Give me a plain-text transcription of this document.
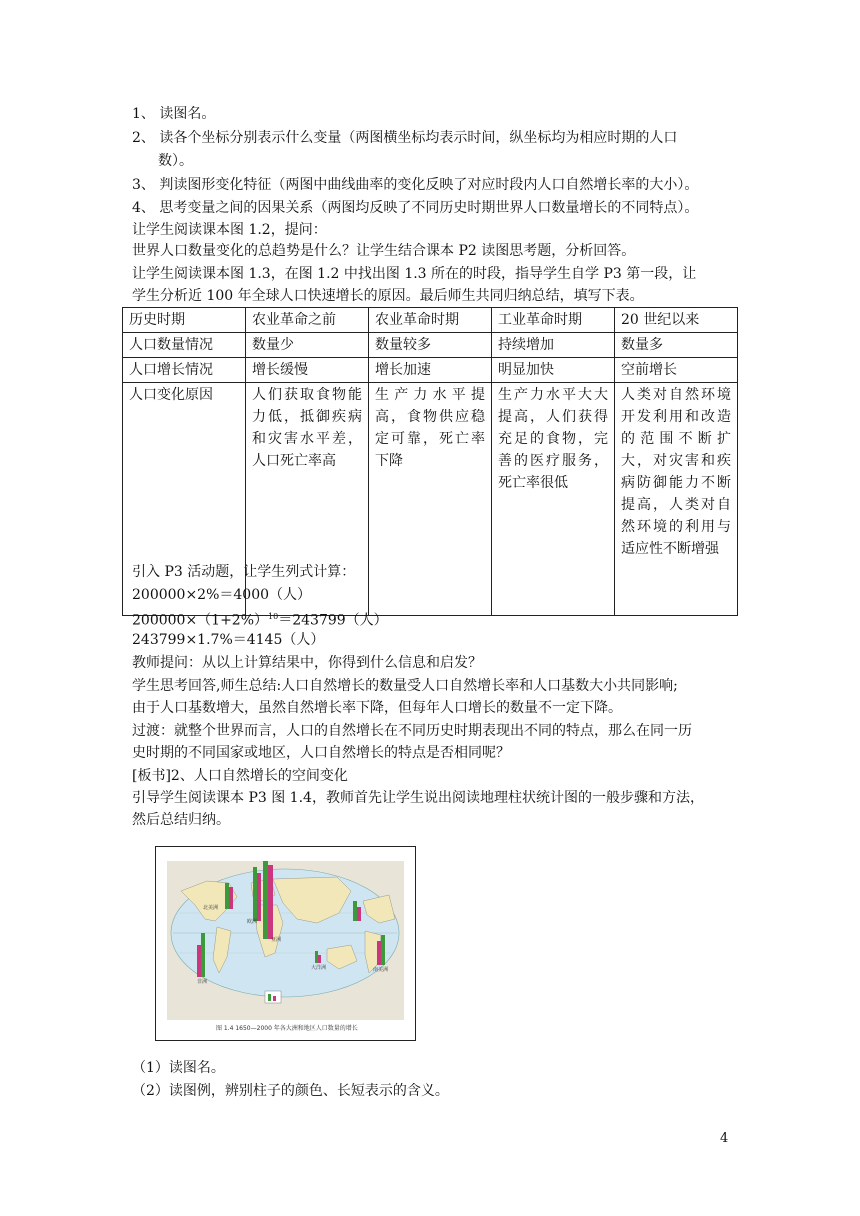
1、 读图名。
2、 读各个坐标分别表示什么变量（两图横坐标均表示时间，纵坐标均为相应时期的人口
数）。
3、 判读图形变化特征（两图中曲线曲率的变化反映了对应时段内人口自然增长率的大小）。
4、 思考变量之间的因果关系（两图均反映了不同历史时期世界人口数量增长的不同特点）。
让学生阅读课本图 1.2，提问：
世界人口数量变化的总趋势是什么？让学生结合课本 P2 读图思考题，分析回答。
让学生阅读课本图 1.3，在图 1.2 中找出图 1.3 所在的时段，指导学生自学 P3 第一段，让
学生分析近 100 年全球人口快速增长的原因。最后师生共同归纳总结，填写下表。
历史时期	农业革命之前	农业革命时期	工业革命时期	20 世纪以来
人口数量情况	数量少	数量较多	持续增加	数量多
人口增长情况	增长缓慢	增长加速	明显加快	空前增长
人口变化原因	人们获取食物能力低，抵御疾病和灾害水平差，人口死亡率高	生产力水平提高，食物供应稳定可靠，死亡率下降	生产力水平大大提高，人们获得充足的食物，完善的医疗服务，死亡率很低	人类对自然环境开发利用和改造的范围不断扩大，对灾害和疾病防御能力不断提高，人类对自然环境的利用与适应性不断增强
引入 P3 活动题，让学生列式计算：
200000×2%＝4000（人）
$200000\times(1+2\%)^{10}=243799$（人）
243799×1.7%＝4145（人）
教师提问：从以上计算结果中，你得到什么信息和启发？
学生思考回答,师生总结:人口自然增长的数量受人口自然增长率和人口基数大小共同影响;
由于人口基数增大，虽然自然增长率下降，但每年人口增长的数量不一定下降。
过渡：就整个世界而言，人口的自然增长在不同历史时期表现出不同的特点，那么在同一历
史时期的不同国家或地区，人口自然增长的特点是否相同呢？
[板书]2、人口自然增长的空间变化
引导学生阅读课本 P3 图 1.4，教师首先让学生说出阅读地理柱状统计图的一般步骤和方法，
然后总结归纳。
北美洲
欧洲
亚洲
非洲
南美洲
大洋洲
图 1.4 1650—2000 年各大洲和地区人口数量的增长
（1）读图名。
（2）读图例，辨别柱子的颜色、长短表示的含义。
4
